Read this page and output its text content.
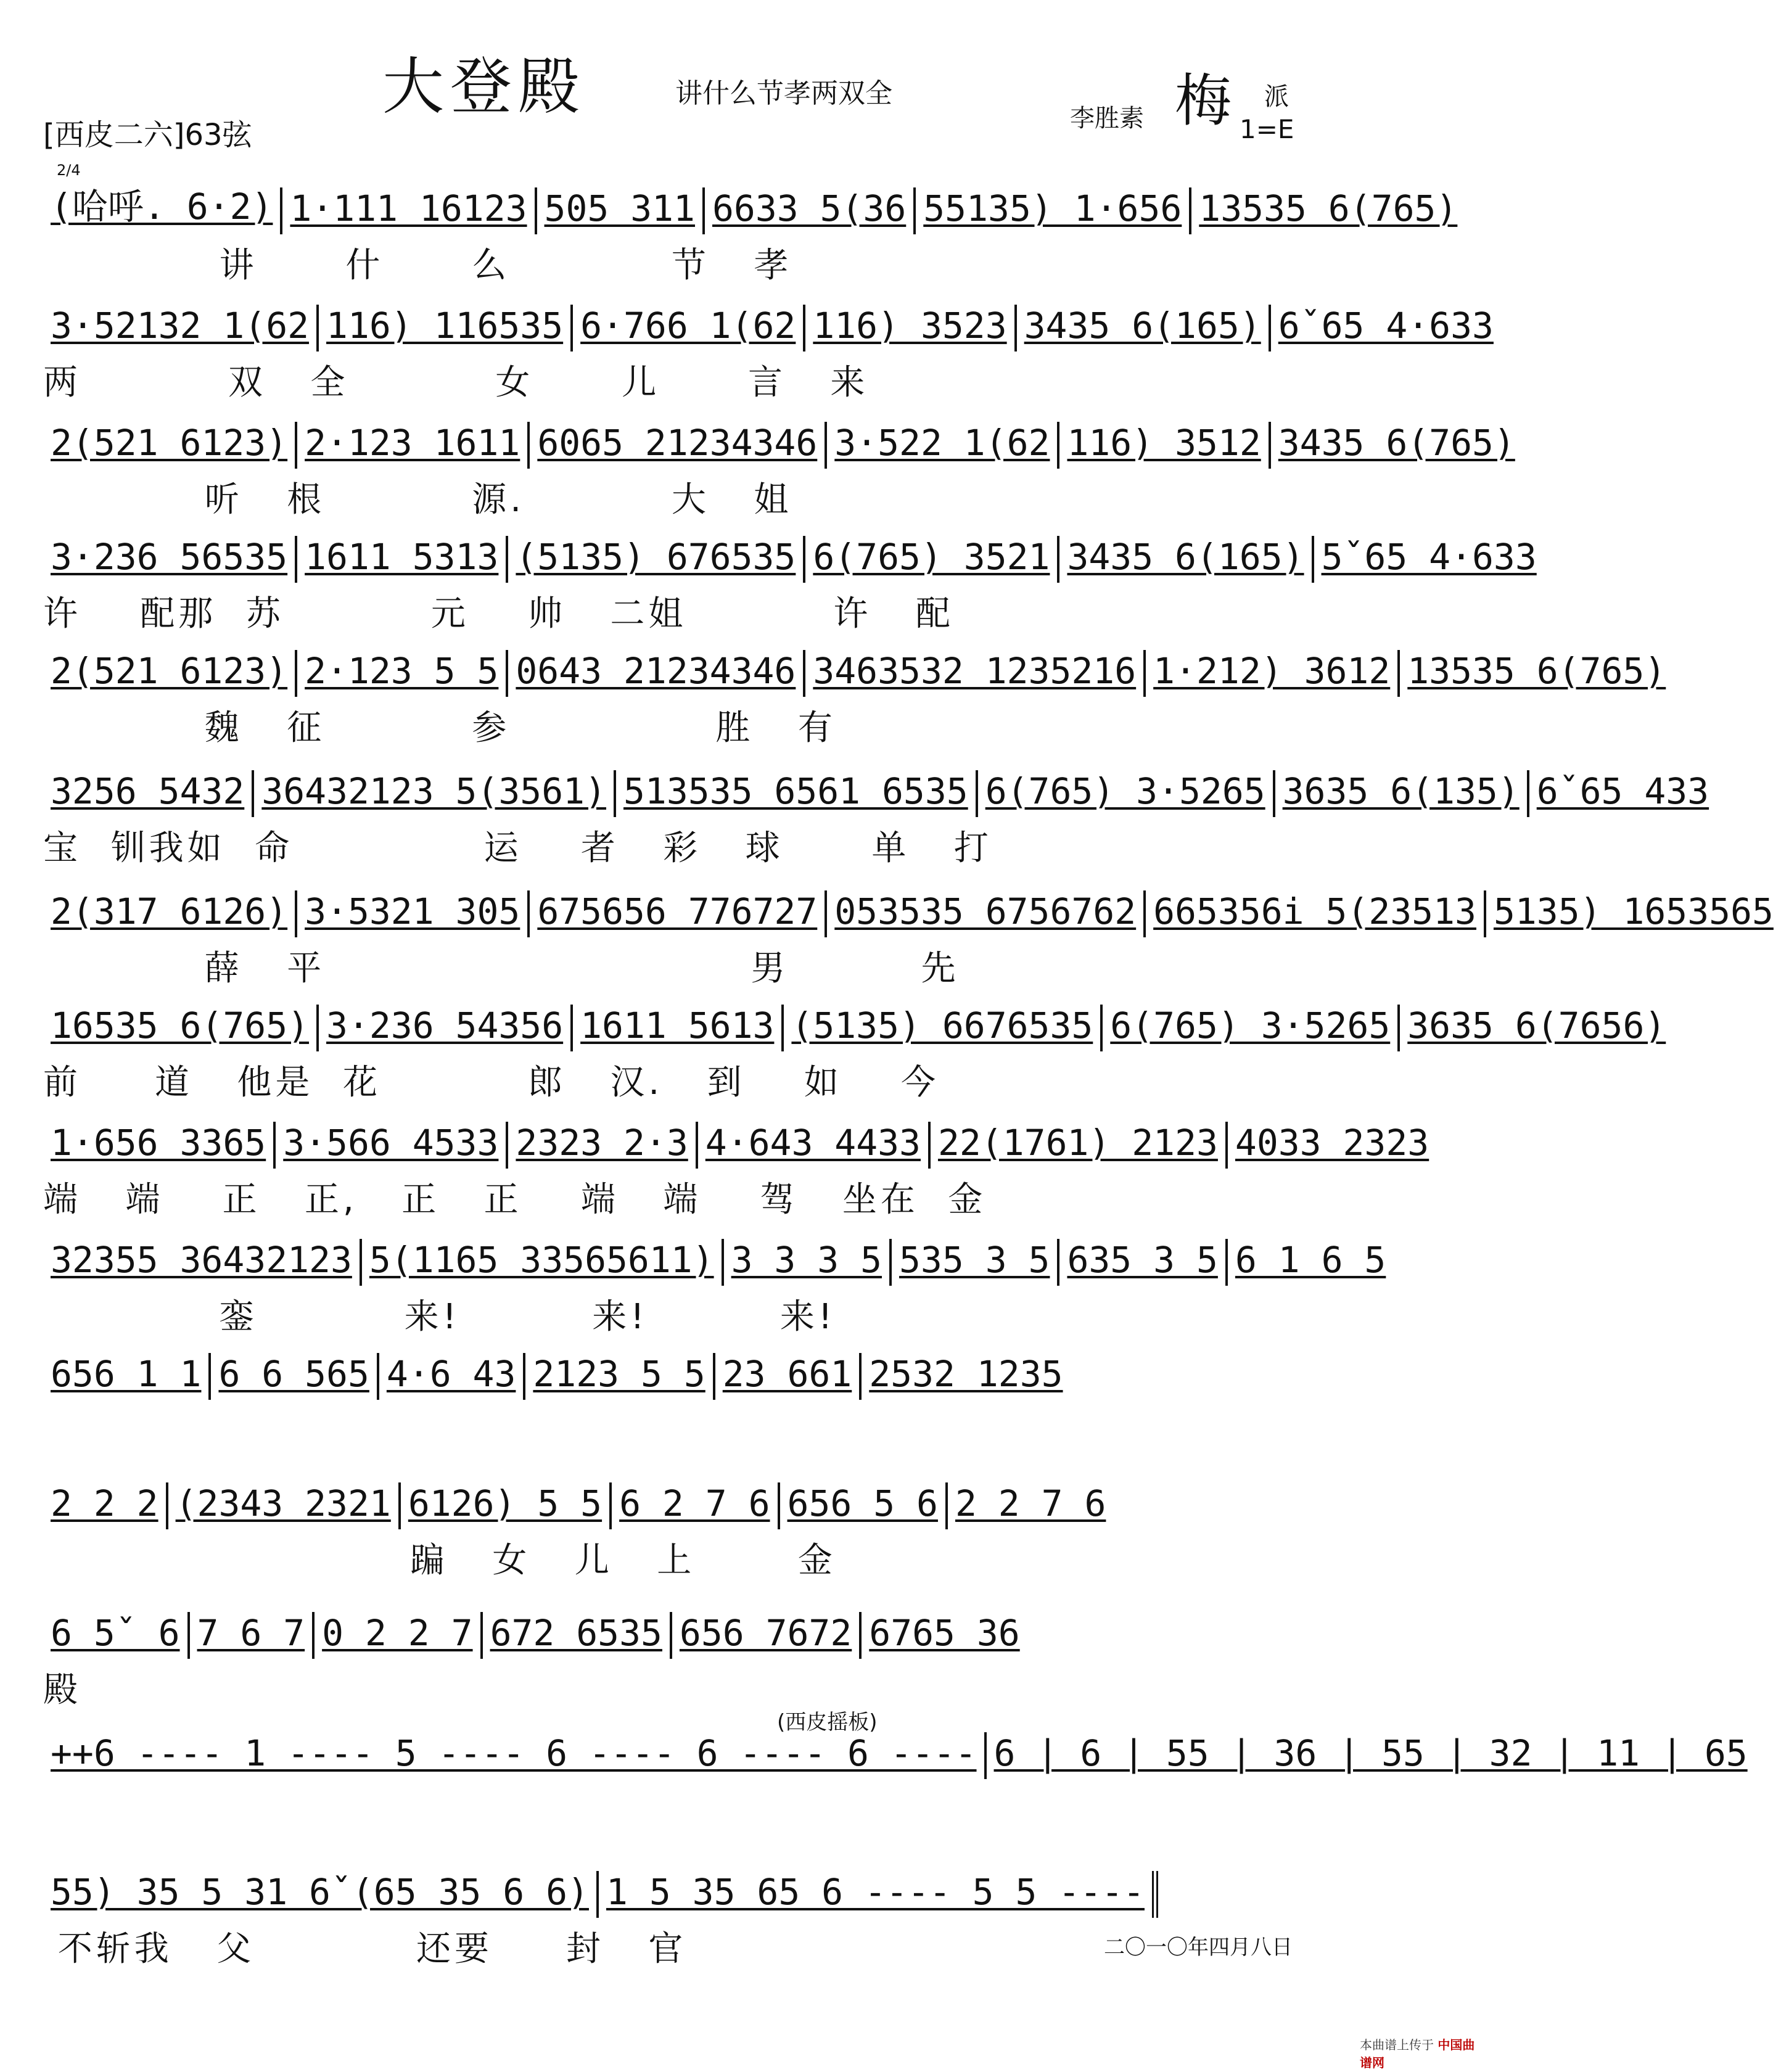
大登殿	讲什么节孝两双全
[西皮二六]63弦
梅 派
李胜素	1=E
2/4
(哈呼. 6·2) 1·111 16123 505 311 6633 5(36 55135) 1·656 13535 6(765)
讲      什      么           节   孝
3·52132 1(62 116) 116535 6·766 1(62 116) 3523 3435 6(165) 6ˇ65 4·633
两          双   全          女      儿      言   来
2(521 6123) 2·123 1611 6065 21234346 3·522 1(62 116) 3512 3435 6(765)
听   根          源.          大   姐
3·236 56535 1611 5313 (5135) 676535 6(765) 3521 3435 6(165) 5ˇ65 4·633
许    配那  苏          元    帅   二姐          许   配
2(521 6123) 2·123 5 5 0643 21234346 3463532 1235216 1·212) 3612 13535 6(765)
魏   征          参              胜   有
3256 5432 36432123 5(3561) 513535 6561 6535 6(765) 3·5265 3635 6(135) 6ˇ65 433
宝  钏我如  命             运    者   彩   球      单   打
2(317 6126) 3·5321 305 675656 776727 053535 6756762 665356i 5(23513 5135) 1653565
薛   平                             男         先
16535 6(765) 3·236 54356 1611 5613 (5135) 6676535 6(765) 3·5265 3635 6(7656)
前     道   他是  花          郎   汉.   到    如    今
1·656 3365 3·566 4533 2323 2·3 4·643 4433 22(1761) 2123 4033 2323
端   端    正   正,   正   正    端   端    驾   坐在  金
32355 36432123 5(1165 33565611) 3 3 3 5 535 3 5 635 3 5 6 1 6 5
銮          来!         来!         来!
656 1 1 6 6 565 4·6 43 2123 5 5 23 661 2532 1235
2 2 2 (2343 2321 6126) 5 5 6 2 7 6 656 5 6 2 2 7 6
蹁   女   儿   上       金
6 5ˇ 6 7 6 7 0 2 2 7 672 6535 656 7672 6765 36
殿
++6 ---- 1 ---- 5 ---- 6 ---- 6 ---- 6 ---- 6 | 6 | 55 | 36 | 55 | 32 | 11 | 65
(西皮摇板)
55) 35 5 31 6ˇ(65 35 6 6) 1 5 35 65 6 ---- 5 5 ----
不斩我   父           还要     封   官	二〇一〇年四月八日
本曲谱上传于 中国曲谱网
